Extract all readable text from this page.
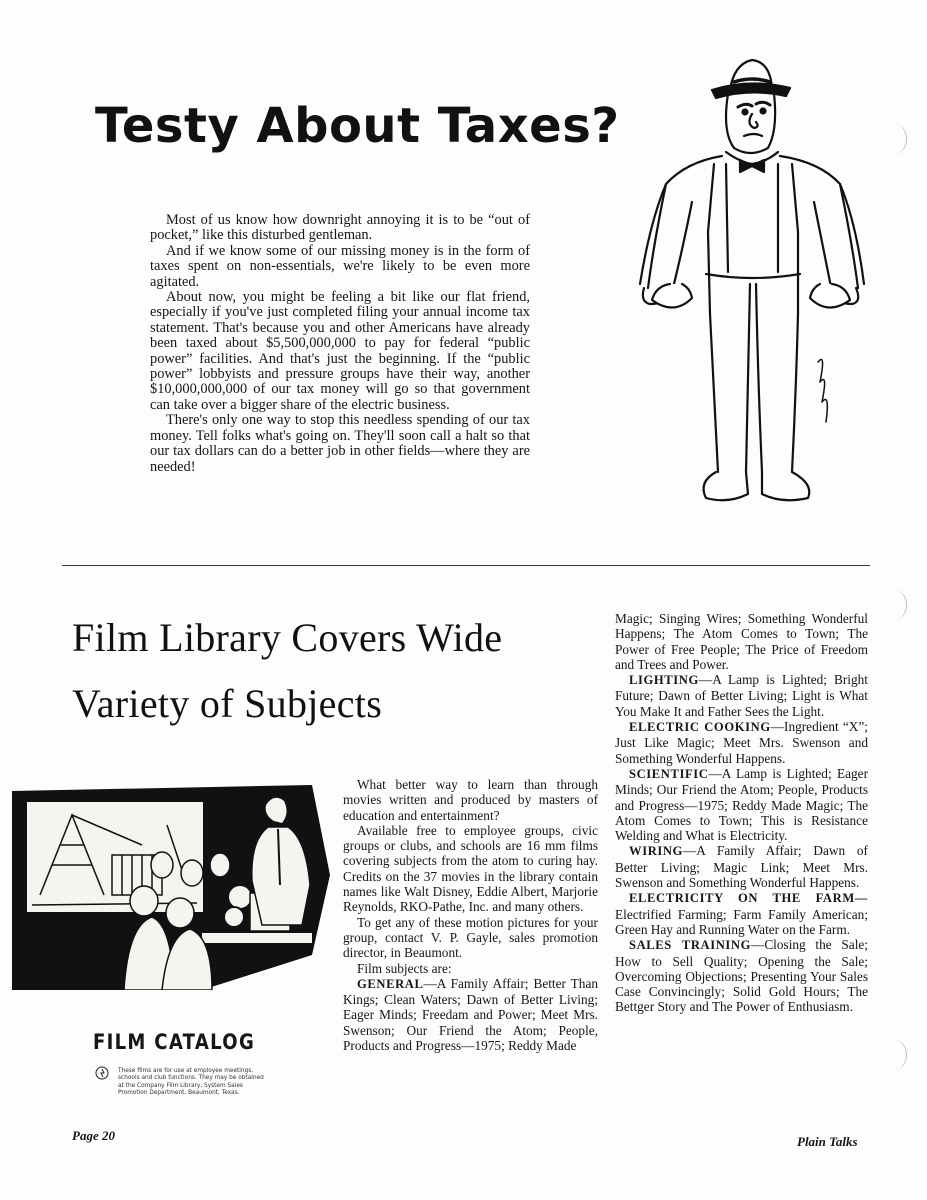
Testy About Taxes?

Most of us know how downright annoying it is to be “out of pocket,” like this disturbed gentleman.

And if we know some of our missing money is in the form of taxes spent on non-essentials, we're likely to be even more agitated.

About now, you might be feeling a bit like our flat friend, especially if you've just completed filing your annual income tax statement. That's because you and other Americans have already been taxed about $5,500,000,000 to pay for federal “public power” facilities. And that's just the beginning. If the “public power” lobbyists and pressure groups have their way, another $10,000,000,000 of our tax money will go so that government can take over a bigger share of the electric business.

There's only one way to stop this needless spending of our tax money. Tell folks what's going on. They'll soon call a halt so that our tax dollars can do a better job in other fields—where they are needed!

Film Library Covers Wide
Variety of Subjects
FILM CATALOG
These films are for use at employee meetings, schools and club functions. They may be obtained at the Company Film Library, System Sales Promotion Department, Beaumont, Texas.

What better way to learn than through movies written and produced by masters of education and entertainment?

Available free to employee groups, civic groups or clubs, and schools are 16 mm films covering subjects from the atom to curing hay. Credits on the 37 movies in the library contain names like Walt Disney, Eddie Albert, Marjorie Reynolds, RKO-Pathe, Inc. and many others.

To get any of these motion pictures for your group, contact V. P. Gayle, sales promotion director, in Beaumont.

Film subjects are:

GENERAL—A Family Affair; Better Than Kings; Clean Waters; Dawn of Better Living; Eager Minds; Freedam and Power; Meet Mrs. Swenson; Our Friend the Atom; People, Products and Progress—1975; Reddy Made

Magic; Singing Wires; Something Wonderful Happens; The Atom Comes to Town; The Power of Free People; The Price of Freedom and Trees and Power.

LIGHTING—A Lamp is Lighted; Bright Future; Dawn of Better Living; Light is What You Make It and Father Sees the Light.

ELECTRIC COOKING—Ingredient “X”; Just Like Magic; Meet Mrs. Swenson and Something Wonderful Happens.

SCIENTIFIC—A Lamp is Lighted; Eager Minds; Our Friend the Atom; People, Products and Progress—1975; Reddy Made Magic; The Atom Comes to Town; This is Resistance Welding and What is Electricity.

WIRING—A Family Affair; Dawn of Better Living; Magic Link; Meet Mrs. Swenson and Something Wonderful Happens.

ELECTRICITY ON THE FARM—Electrified Farming; Farm Family American; Green Hay and Running Water on the Farm.

SALES TRAINING—Closing the Sale; How to Sell Quality; Opening the Sale; Overcoming Objections; Presenting Your Sales Case Convincingly; Solid Gold Hours; The Bettger Story and The Power of Enthusiasm.

Page 20	Plain Talks
